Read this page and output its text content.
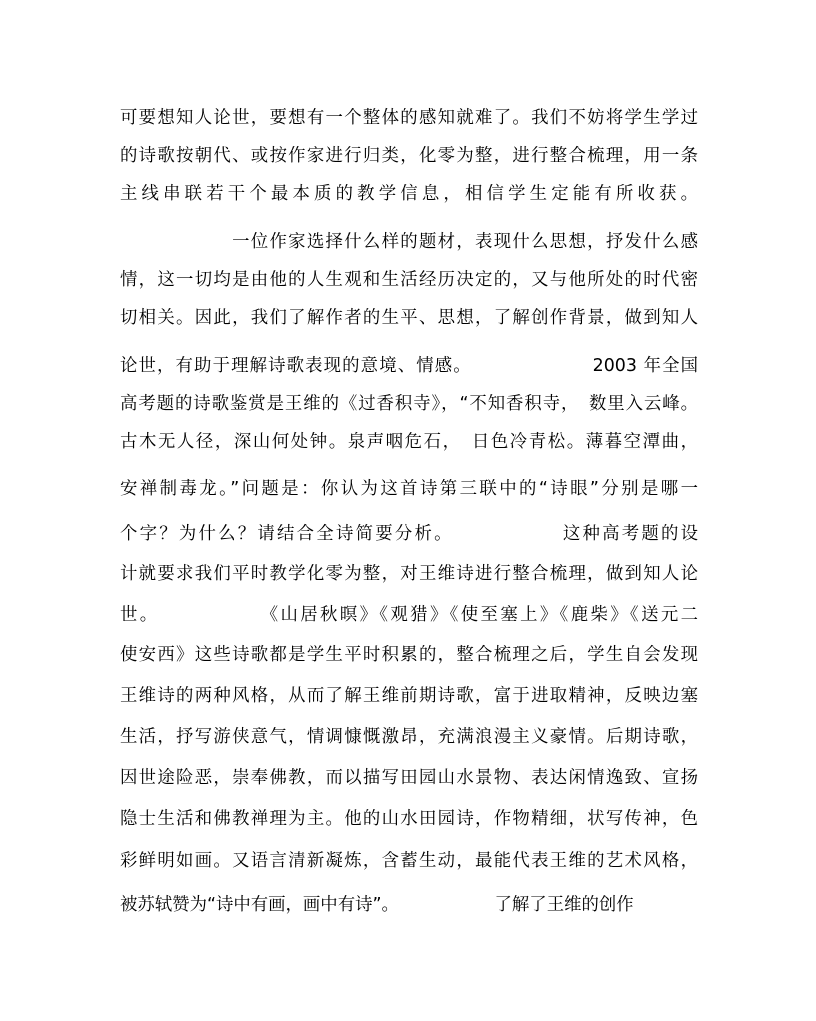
可要想知人论世，要想有一个整体的感知就难了。我们不妨将学生学过
的诗歌按朝代、或按作家进行归类，化零为整，进行整合梳理，用一条
主线串联若干个最本质的教学信息，相信学生定能有所收获。
　　　　　　一位作家选择什么样的题材，表现什么思想，抒发什么感
情，这一切均是由他的人生观和生活经历决定的，又与他所处的时代密
切相关。因此，我们了解作者的生平、思想，了解创作背景，做到知人
论世，有助于理解诗歌表现的意境、情感。　　　　　　　2003 年全国
高考题的诗歌鉴赏是王维的《过香积寺》，“不知香积寺，　数里入云峰。
古木无人径，深山何处钟。泉声咽危石，　日色冷青松。薄暮空潭曲，
安禅制毒龙。”问题是：你认为这首诗第三联中的“诗眼”分别是哪一
个字？为什么？请结合全诗简要分析。　　　　　　这种高考题的设
计就要求我们平时教学化零为整，对王维诗进行整合梳理，做到知人论
世。　　　　　　《山居秋暝》《观猎》《使至塞上》《鹿柴》《送元二
使安西》这些诗歌都是学生平时积累的，整合梳理之后，学生自会发现
王维诗的两种风格，从而了解王维前期诗歌，富于进取精神，反映边塞
生活，抒写游侠意气，情调慷慨激昂，充满浪漫主义豪情。后期诗歌，
因世途险恶，崇奉佛教，而以描写田园山水景物、表达闲情逸致、宣扬
隐士生活和佛教禅理为主。他的山水田园诗，作物精细，状写传神，色
彩鲜明如画。又语言清新凝炼，含蓄生动，最能代表王维的艺术风格，
被苏轼赞为“诗中有画，画中有诗”。　　　　　　了解了王维的创作
